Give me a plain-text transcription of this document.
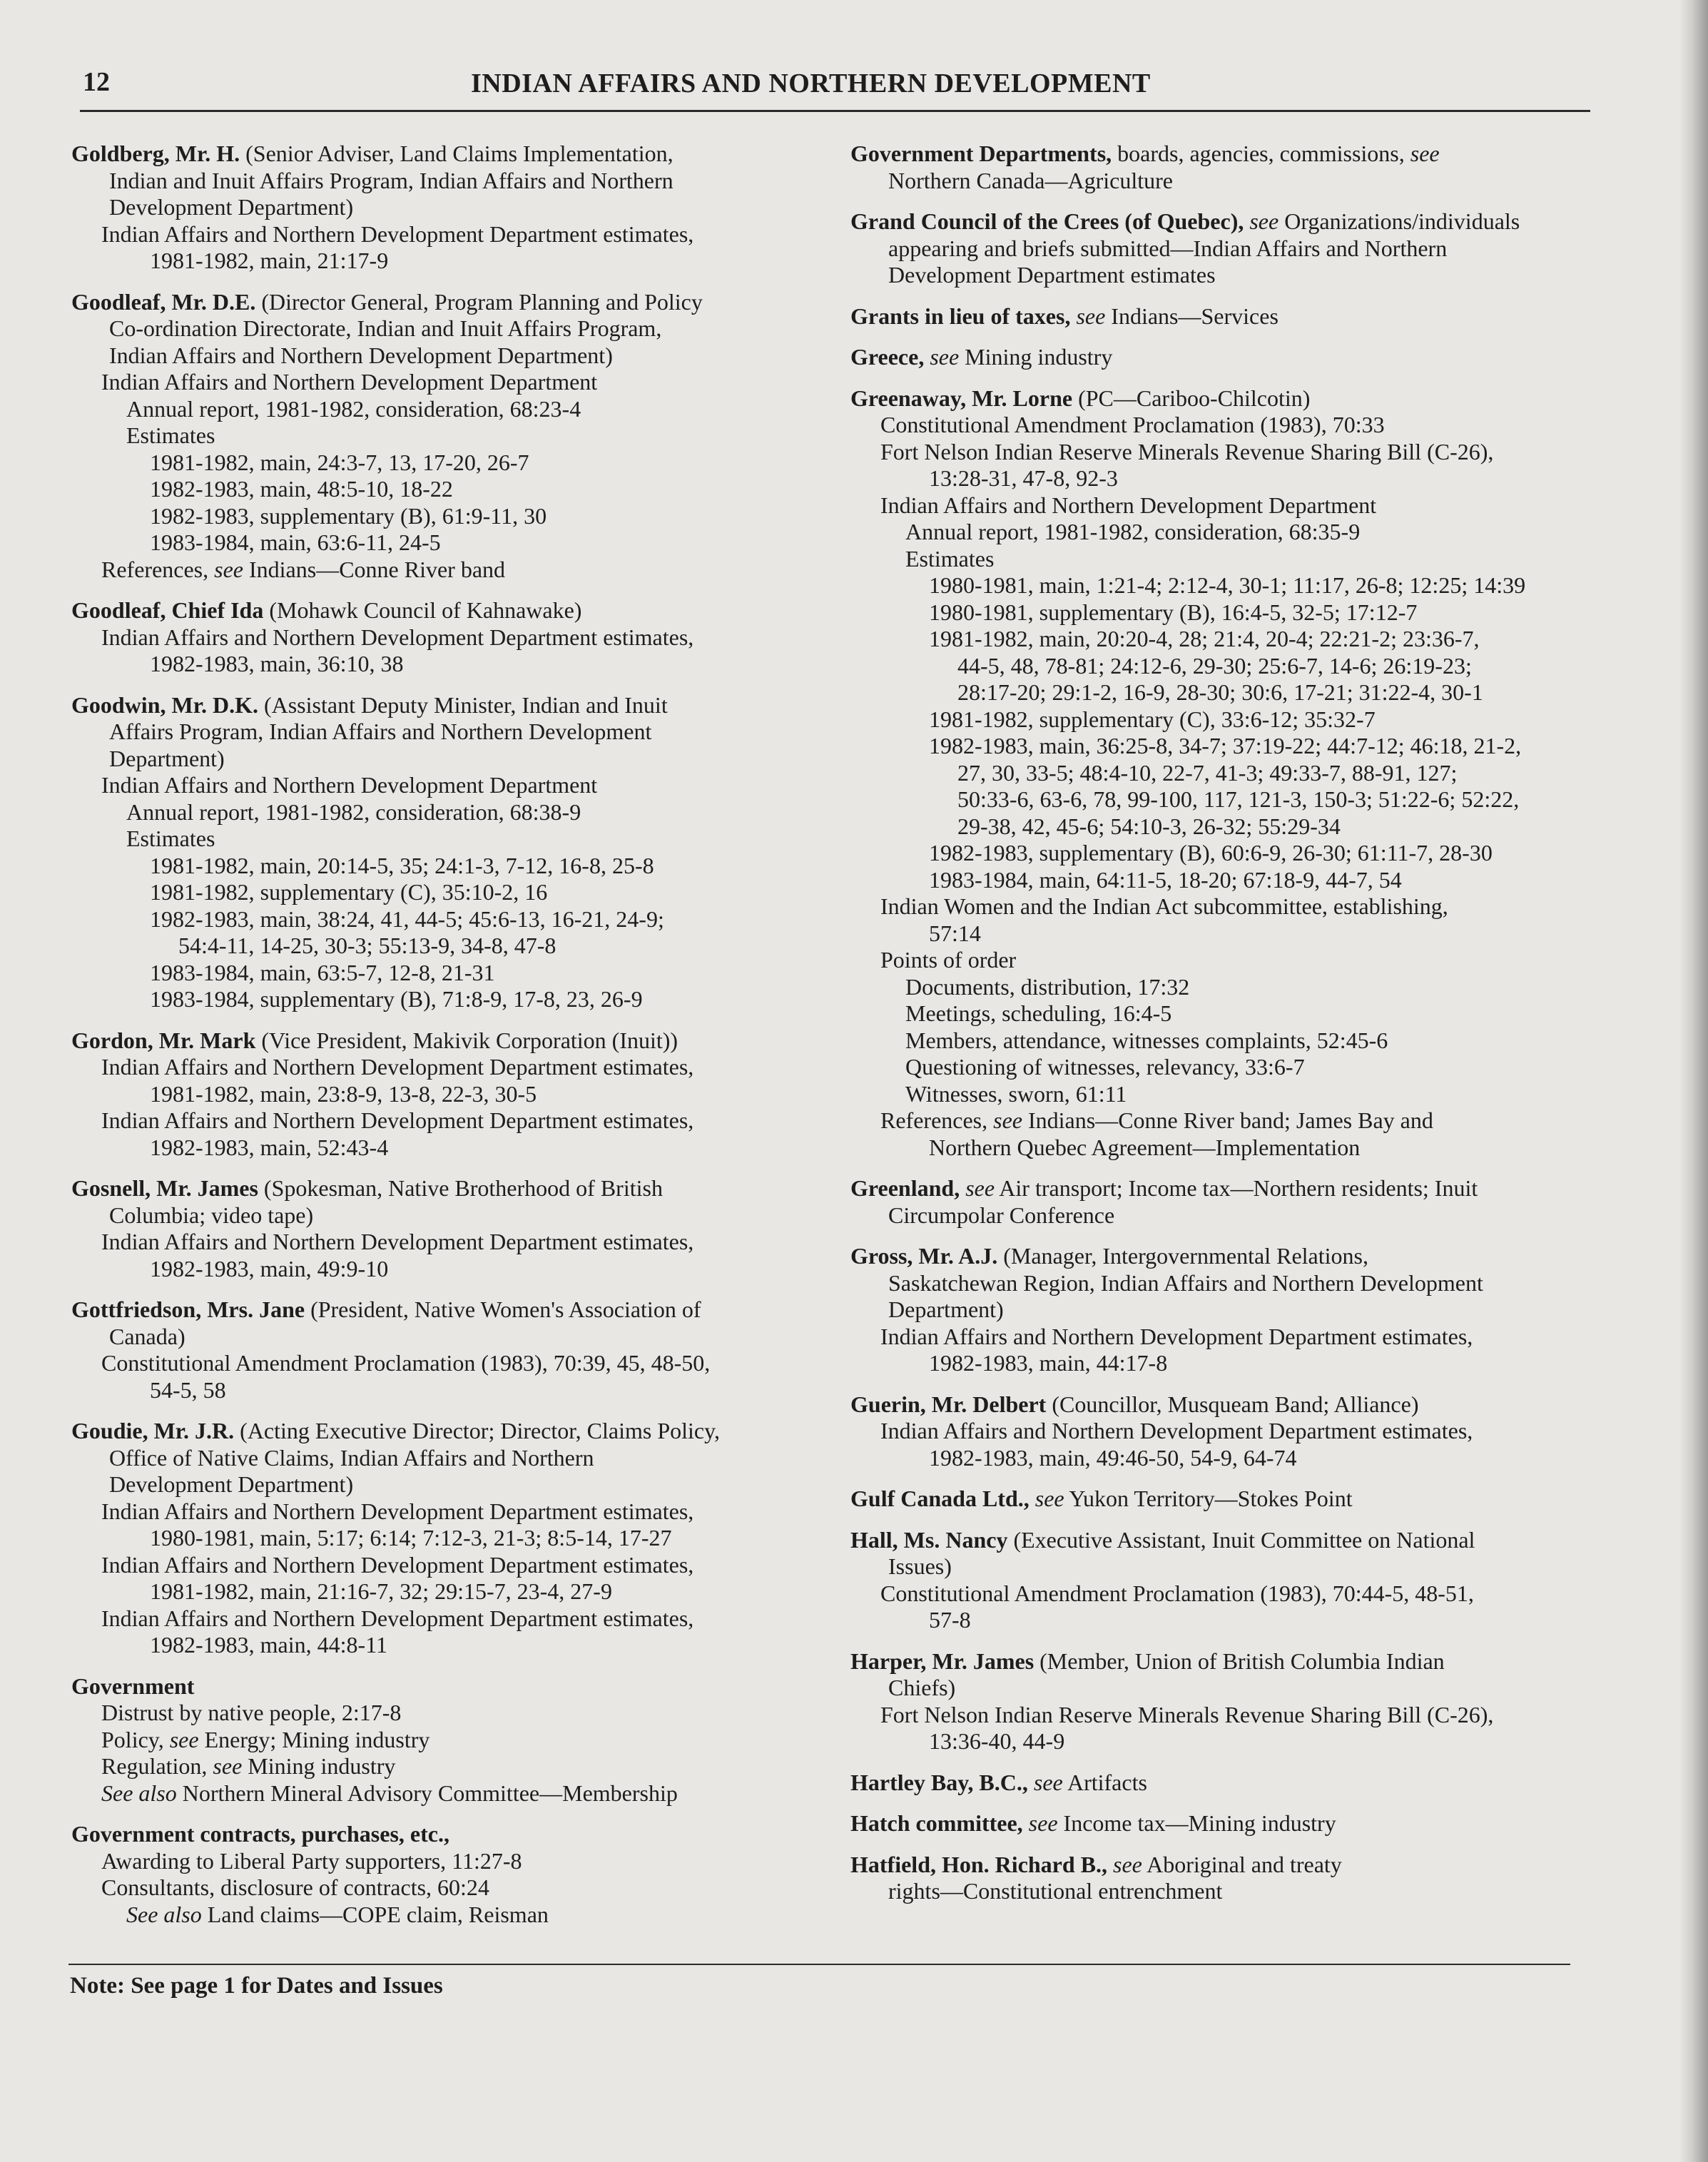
12	INDIAN AFFAIRS AND NORTHERN DEVELOPMENT
Goldberg, Mr. H. (Senior Adviser, Land Claims Implementation,
Indian and Inuit Affairs Program, Indian Affairs and Northern
Development Department)
Indian Affairs and Northern Development Department estimates,
1981-1982, main, 21:17-9
Goodleaf, Mr. D.E. (Director General, Program Planning and Policy
Co-ordination Directorate, Indian and Inuit Affairs Program,
Indian Affairs and Northern Development Department)
Indian Affairs and Northern Development Department
Annual report, 1981-1982, consideration, 68:23-4
Estimates
1981-1982, main, 24:3-7, 13, 17-20, 26-7
1982-1983, main, 48:5-10, 18-22
1982-1983, supplementary (B), 61:9-11, 30
1983-1984, main, 63:6-11, 24-5
References, see Indians—Conne River band
Goodleaf, Chief Ida (Mohawk Council of Kahnawake)
Indian Affairs and Northern Development Department estimates,
1982-1983, main, 36:10, 38
Goodwin, Mr. D.K. (Assistant Deputy Minister, Indian and Inuit
Affairs Program, Indian Affairs and Northern Development
Department)
Indian Affairs and Northern Development Department
Annual report, 1981-1982, consideration, 68:38-9
Estimates
1981-1982, main, 20:14-5, 35; 24:1-3, 7-12, 16-8, 25-8
1981-1982, supplementary (C), 35:10-2, 16
1982-1983, main, 38:24, 41, 44-5; 45:6-13, 16-21, 24-9;
54:4-11, 14-25, 30-3; 55:13-9, 34-8, 47-8
1983-1984, main, 63:5-7, 12-8, 21-31
1983-1984, supplementary (B), 71:8-9, 17-8, 23, 26-9
Gordon, Mr. Mark (Vice President, Makivik Corporation (Inuit))
Indian Affairs and Northern Development Department estimates,
1981-1982, main, 23:8-9, 13-8, 22-3, 30-5
Indian Affairs and Northern Development Department estimates,
1982-1983, main, 52:43-4
Gosnell, Mr. James (Spokesman, Native Brotherhood of British
Columbia; video tape)
Indian Affairs and Northern Development Department estimates,
1982-1983, main, 49:9-10
Gottfriedson, Mrs. Jane (President, Native Women's Association of
Canada)
Constitutional Amendment Proclamation (1983), 70:39, 45, 48-50,
54-5, 58
Goudie, Mr. J.R. (Acting Executive Director; Director, Claims Policy,
Office of Native Claims, Indian Affairs and Northern
Development Department)
Indian Affairs and Northern Development Department estimates,
1980-1981, main, 5:17; 6:14; 7:12-3, 21-3; 8:5-14, 17-27
Indian Affairs and Northern Development Department estimates,
1981-1982, main, 21:16-7, 32; 29:15-7, 23-4, 27-9
Indian Affairs and Northern Development Department estimates,
1982-1983, main, 44:8-11
Government
Distrust by native people, 2:17-8
Policy, see Energy; Mining industry
Regulation, see Mining industry
See also Northern Mineral Advisory Committee—Membership
Government contracts, purchases, etc.,
Awarding to Liberal Party supporters, 11:27-8
Consultants, disclosure of contracts, 60:24
See also Land claims—COPE claim, Reisman
Government Departments, boards, agencies, commissions, see
Northern Canada—Agriculture
Grand Council of the Crees (of Quebec), see Organizations/individuals
appearing and briefs submitted—Indian Affairs and Northern
Development Department estimates
Grants in lieu of taxes, see Indians—Services
Greece, see Mining industry
Greenaway, Mr. Lorne (PC—Cariboo-Chilcotin)
Constitutional Amendment Proclamation (1983), 70:33
Fort Nelson Indian Reserve Minerals Revenue Sharing Bill (C-26),
13:28-31, 47-8, 92-3
Indian Affairs and Northern Development Department
Annual report, 1981-1982, consideration, 68:35-9
Estimates
1980-1981, main, 1:21-4; 2:12-4, 30-1; 11:17, 26-8; 12:25; 14:39
1980-1981, supplementary (B), 16:4-5, 32-5; 17:12-7
1981-1982, main, 20:20-4, 28; 21:4, 20-4; 22:21-2; 23:36-7,
44-5, 48, 78-81; 24:12-6, 29-30; 25:6-7, 14-6; 26:19-23;
28:17-20; 29:1-2, 16-9, 28-30; 30:6, 17-21; 31:22-4, 30-1
1981-1982, supplementary (C), 33:6-12; 35:32-7
1982-1983, main, 36:25-8, 34-7; 37:19-22; 44:7-12; 46:18, 21-2,
27, 30, 33-5; 48:4-10, 22-7, 41-3; 49:33-7, 88-91, 127;
50:33-6, 63-6, 78, 99-100, 117, 121-3, 150-3; 51:22-6; 52:22,
29-38, 42, 45-6; 54:10-3, 26-32; 55:29-34
1982-1983, supplementary (B), 60:6-9, 26-30; 61:11-7, 28-30
1983-1984, main, 64:11-5, 18-20; 67:18-9, 44-7, 54
Indian Women and the Indian Act subcommittee, establishing,
57:14
Points of order
Documents, distribution, 17:32
Meetings, scheduling, 16:4-5
Members, attendance, witnesses complaints, 52:45-6
Questioning of witnesses, relevancy, 33:6-7
Witnesses, sworn, 61:11
References, see Indians—Conne River band; James Bay and
Northern Quebec Agreement—Implementation
Greenland, see Air transport; Income tax—Northern residents; Inuit
Circumpolar Conference
Gross, Mr. A.J. (Manager, Intergovernmental Relations,
Saskatchewan Region, Indian Affairs and Northern Development
Department)
Indian Affairs and Northern Development Department estimates,
1982-1983, main, 44:17-8
Guerin, Mr. Delbert (Councillor, Musqueam Band; Alliance)
Indian Affairs and Northern Development Department estimates,
1982-1983, main, 49:46-50, 54-9, 64-74
Gulf Canada Ltd., see Yukon Territory—Stokes Point
Hall, Ms. Nancy (Executive Assistant, Inuit Committee on National
Issues)
Constitutional Amendment Proclamation (1983), 70:44-5, 48-51,
57-8
Harper, Mr. James (Member, Union of British Columbia Indian
Chiefs)
Fort Nelson Indian Reserve Minerals Revenue Sharing Bill (C-26),
13:36-40, 44-9
Hartley Bay, B.C., see Artifacts
Hatch committee, see Income tax—Mining industry
Hatfield, Hon. Richard B., see Aboriginal and treaty
rights—Constitutional entrenchment
Note: See page 1 for Dates and Issues
